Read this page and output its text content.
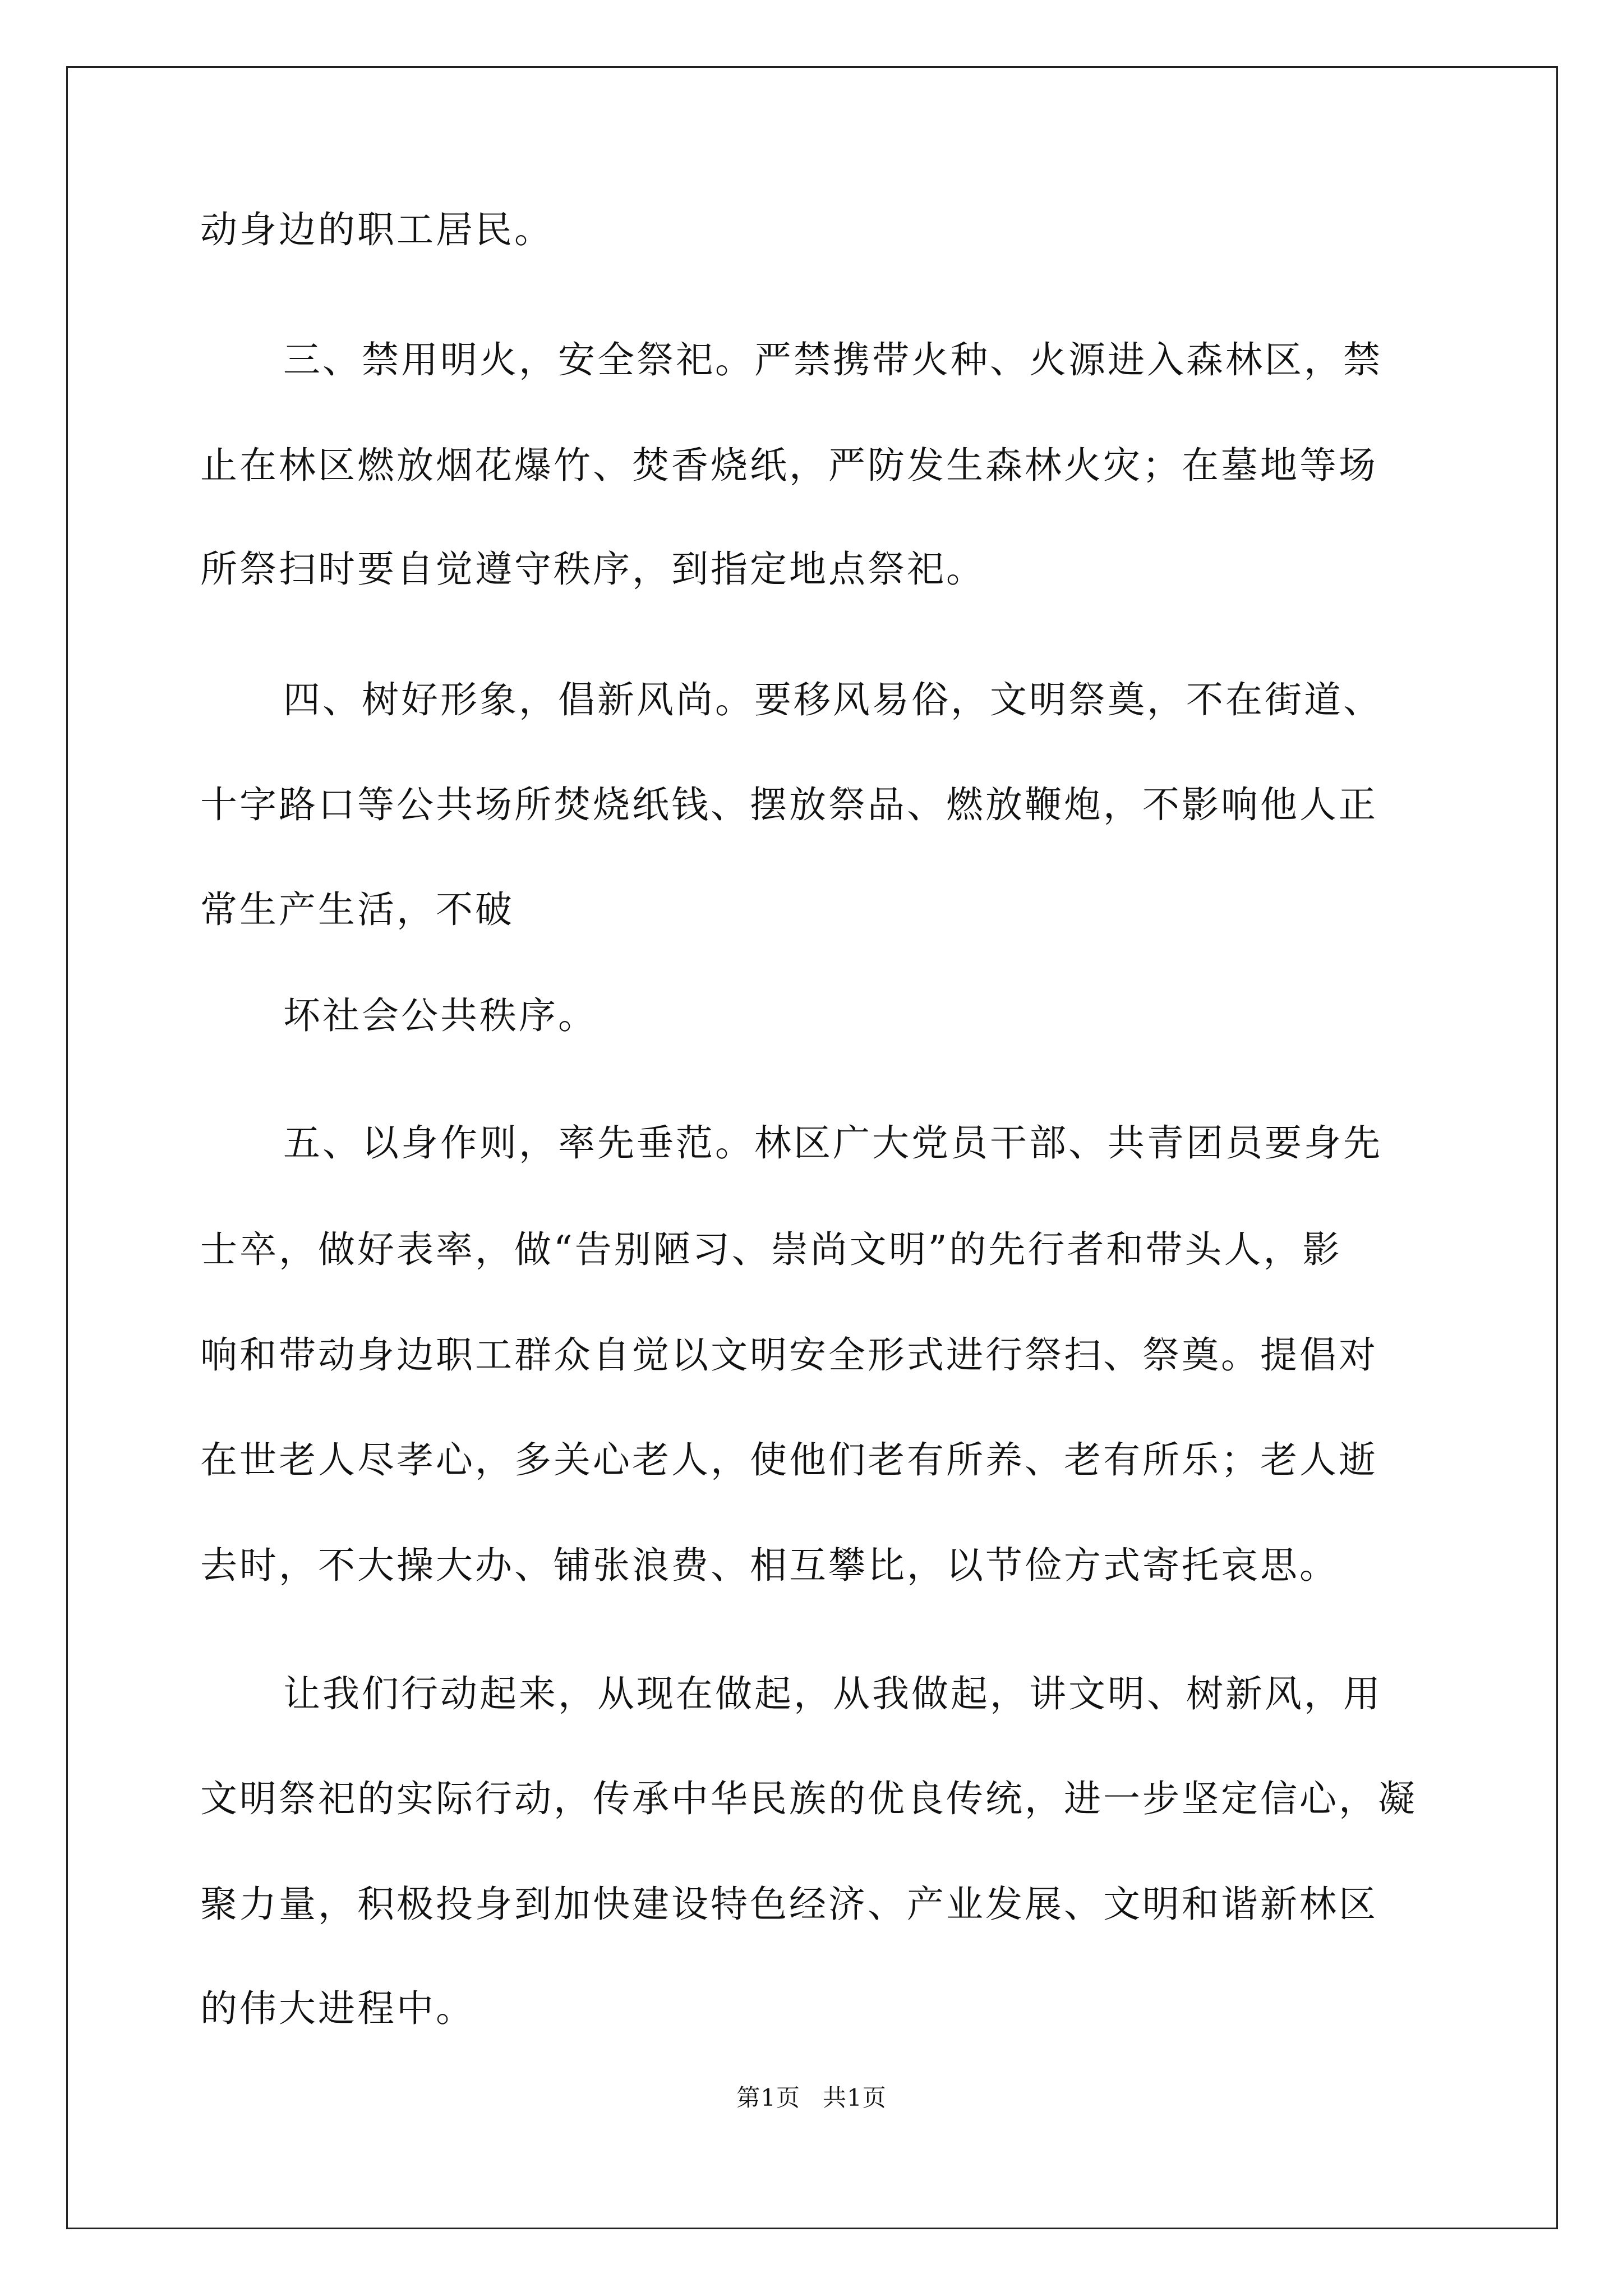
动身边的职工居民。
三、禁用明火，安全祭祀。严禁携带火种、火源进入森林区，禁
止在林区燃放烟花爆竹、焚香烧纸，严防发生森林火灾；在墓地等场
所祭扫时要自觉遵守秩序，到指定地点祭祀。
四、树好形象，倡新风尚。要移风易俗，文明祭奠，不在街道、
十字路口等公共场所焚烧纸钱、摆放祭品、燃放鞭炮，不影响他人正
常生产生活，不破
坏社会公共秩序。
五、以身作则，率先垂范。林区广大党员干部、共青团员要身先
士卒，做好表率，做“告别陋习、崇尚文明”的先行者和带头人，影
响和带动身边职工群众自觉以文明安全形式进行祭扫、祭奠。提倡对
在世老人尽孝心，多关心老人，使他们老有所养、老有所乐；老人逝
去时，不大操大办、铺张浪费、相互攀比，以节俭方式寄托哀思。
让我们行动起来，从现在做起，从我做起，讲文明、树新风，用
文明祭祀的实际行动，传承中华民族的优良传统，进一步坚定信心，凝
聚力量，积极投身到加快建设特色经济、产业发展、文明和谐新林区
的伟大进程中。
第1页 共1页
